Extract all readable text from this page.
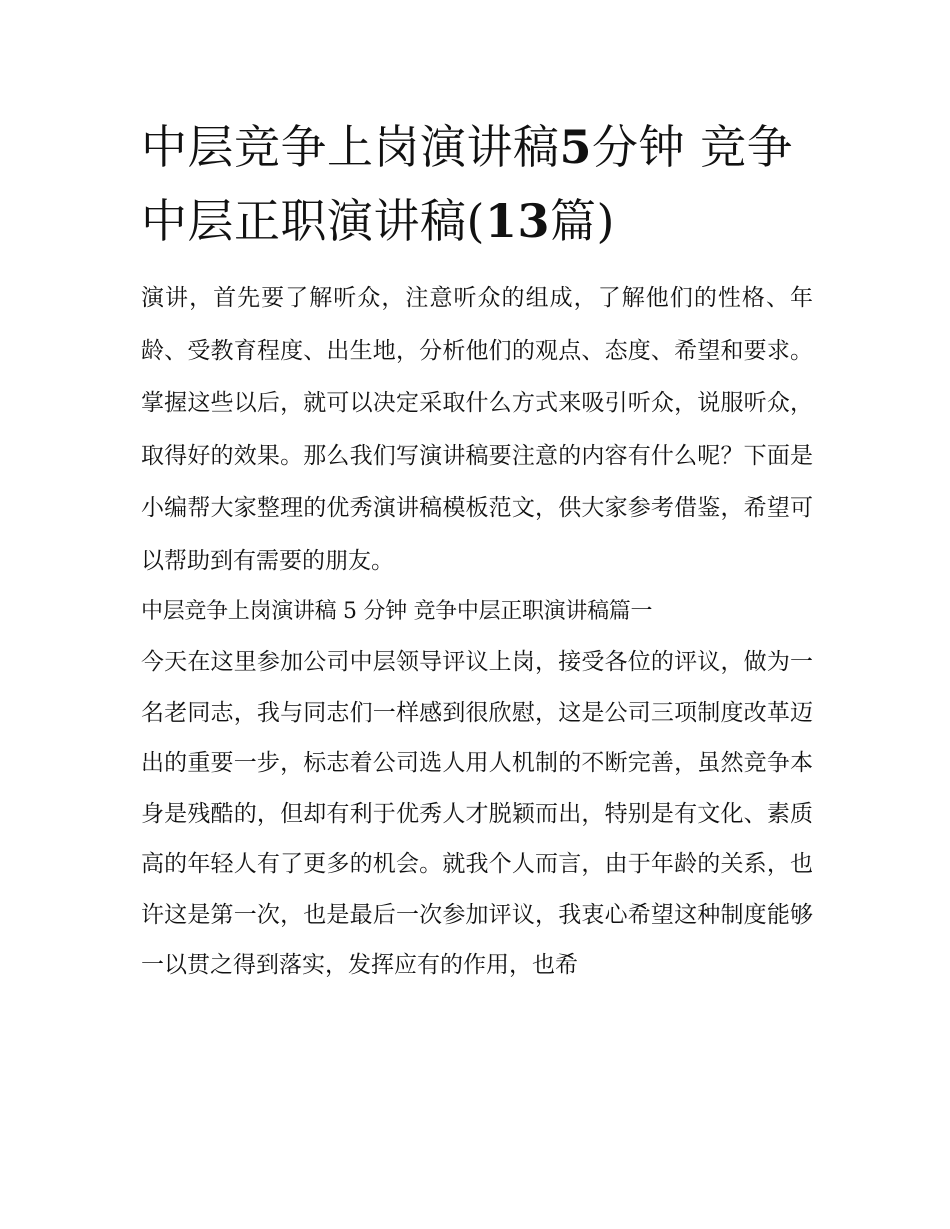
中层竞争上岗演讲稿5分钟 竞争中层正职演讲稿(13篇)

演讲，首先要了解听众，注意听众的组成，了解他们的性格、年龄、受教育程度、出生地，分析他们的观点、态度、希望和要求。掌握这些以后，就可以决定采取什么方式来吸引听众，说服听众，取得好的效果。那么我们写演讲稿要注意的内容有什么呢？下面是小编帮大家整理的优秀演讲稿模板范文，供大家参考借鉴，希望可以帮助到有需要的朋友。

中层竞争上岗演讲稿 5 分钟 竞争中层正职演讲稿篇一

今天在这里参加公司中层领导评议上岗，接受各位的评议，做为一名老同志，我与同志们一样感到很欣慰，这是公司三项制度改革迈出的重要一步，标志着公司选人用人机制的不断完善，虽然竞争本身是残酷的，但却有利于优秀人才脱颖而出，特别是有文化、素质高的年轻人有了更多的机会。就我个人而言，由于年龄的关系，也许这是第一次，也是最后一次参加评议，我衷心希望这种制度能够一以贯之得到落实，发挥应有的作用，也希
